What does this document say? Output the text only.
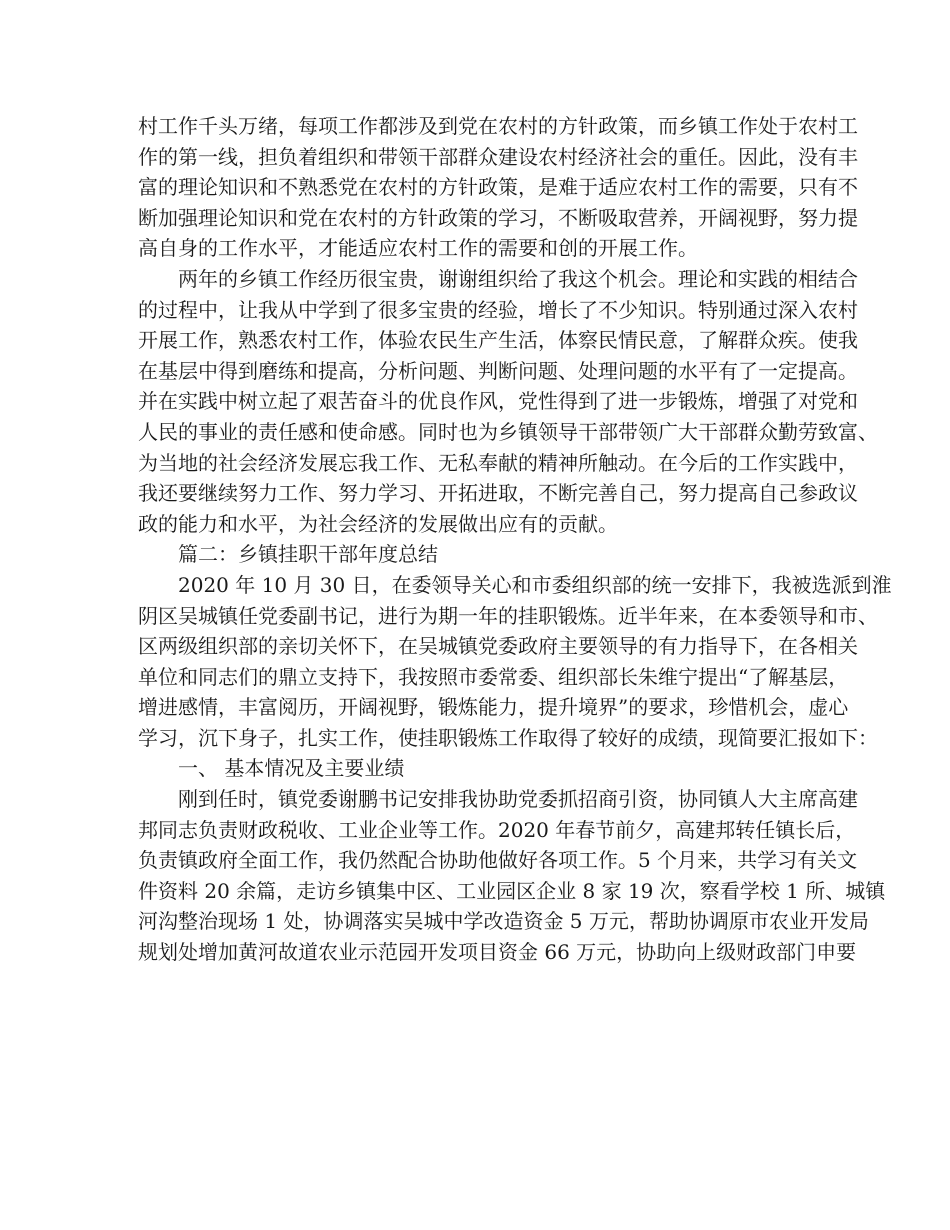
村工作千头万绪，每项工作都涉及到党在农村的方针政策，而乡镇工作处于农村工
作的第一线，担负着组织和带领干部群众建设农村经济社会的重任。因此，没有丰
富的理论知识和不熟悉党在农村的方针政策，是难于适应农村工作的需要，只有不
断加强理论知识和党在农村的方针政策的学习，不断吸取营养，开阔视野，努力提
高自身的工作水平，才能适应农村工作的需要和创的开展工作。
两年的乡镇工作经历很宝贵，谢谢组织给了我这个机会。理论和实践的相结合
的过程中，让我从中学到了很多宝贵的经验，增长了不少知识。特别通过深入农村
开展工作，熟悉农村工作，体验农民生产生活，体察民情民意，了解群众疾。使我
在基层中得到磨练和提高，分析问题、判断问题、处理问题的水平有了一定提高。
并在实践中树立起了艰苦奋斗的优良作风，党性得到了进一步锻炼，增强了对党和
人民的事业的责任感和使命感。同时也为乡镇领导干部带领广大干部群众勤劳致富、
为当地的社会经济发展忘我工作、无私奉献的精神所触动。在今后的工作实践中，
我还要继续努力工作、努力学习、开拓进取，不断完善自己，努力提高自己参政议
政的能力和水平，为社会经济的发展做出应有的贡献。
篇二：乡镇挂职干部年度总结
2020 年 10 月 30 日，在委领导关心和市委组织部的统一安排下，我被选派到淮
阴区吴城镇任党委副书记，进行为期一年的挂职锻炼。近半年来，在本委领导和市、
区两级组织部的亲切关怀下，在吴城镇党委政府主要领导的有力指导下，在各相关
单位和同志们的鼎立支持下，我按照市委常委、组织部长朱维宁提出“了解基层，
增进感情，丰富阅历，开阔视野，锻炼能力，提升境界”的要求，珍惜机会，虚心
学习，沉下身子，扎实工作，使挂职锻炼工作取得了较好的成绩，现简要汇报如下：
一、 基本情况及主要业绩
刚到任时，镇党委谢鹏书记安排我协助党委抓招商引资，协同镇人大主席高建
邦同志负责财政税收、工业企业等工作。2020 年春节前夕，高建邦转任镇长后，
负责镇政府全面工作，我仍然配合协助他做好各项工作。5 个月来，共学习有关文
件资料 20 余篇，走访乡镇集中区、工业园区企业 8 家 19 次，察看学校 1 所、城镇
河沟整治现场 1 处，协调落实吴城中学改造资金 5 万元，帮助协调原市农业开发局
规划处增加黄河故道农业示范园开发项目资金 66 万元，协助向上级财政部门申要
